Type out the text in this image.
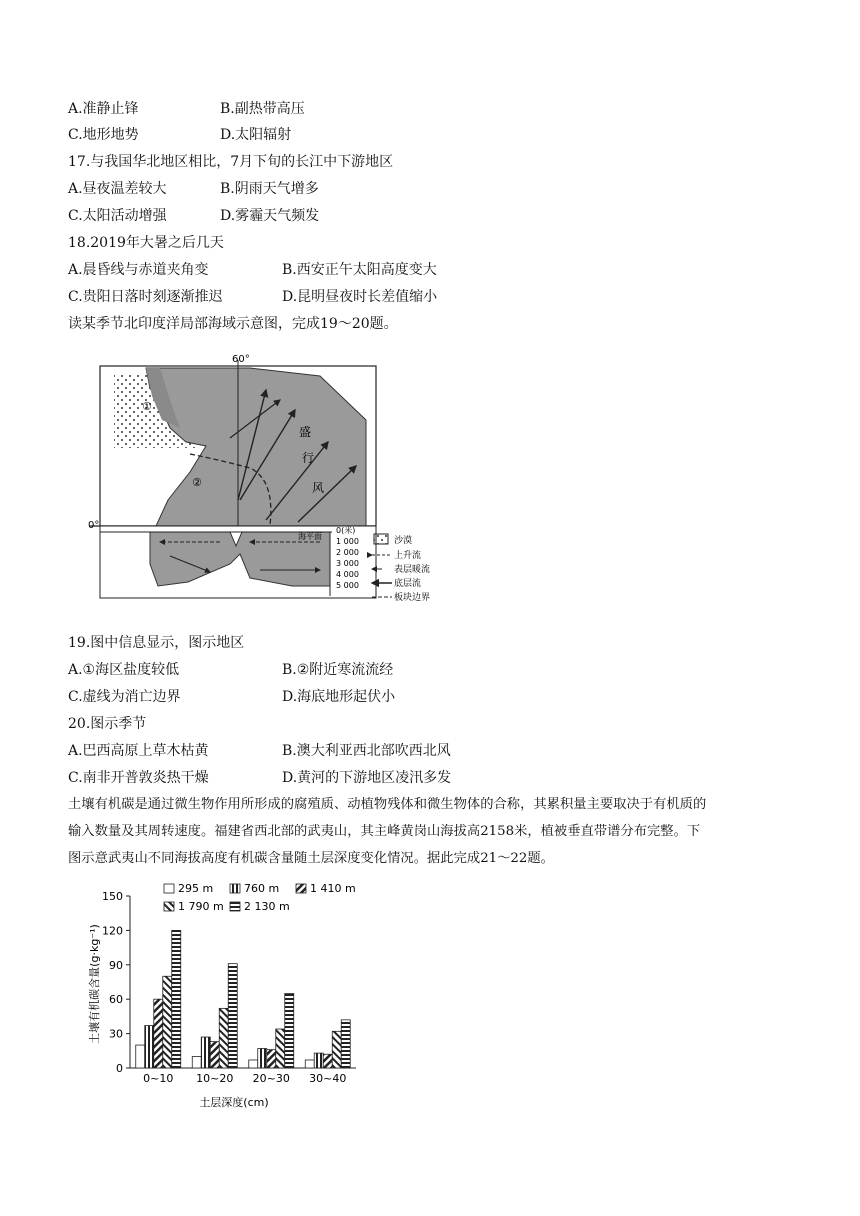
A.准静止锋	B.副热带高压
C.地形地势	D.太阳辐射
17.与我国华北地区相比，7月下旬的长江中下游地区
A.昼夜温差较大	B.阴雨天气增多
C.太阳活动增强	D.雾霾天气频发
18.2019年大暑之后几天
A.晨昏线与赤道夹角变	B.西安正午太阳高度变大
C.贵阳日落时刻逐渐推迟	D.昆明昼夜时长差值缩小
读某季节北印度洋局部海域示意图，完成19～20题。
60°
0°
①
②
盛
行
风
海平面
0(米)
1 000
2 000
3 000
4 000
5 000
沙漠
上升流
表层暖流
底层流
板块边界
19.图中信息显示，图示地区
A.①海区盐度较低	B.②附近寒流流经
C.虚线为消亡边界	D.海底地形起伏小
20.图示季节
A.巴西高原上草木枯黄	B.澳大利亚西北部吹西北风
C.南非开普敦炎热干燥	D.黄河的下游地区凌汛多发
土壤有机碳是通过微生物作用所形成的腐殖质、动植物残体和微生物体的合称，其累积量主要取决于有机质的
输入数量及其周转速度。福建省西北部的武夷山，其主峰黄岗山海拔高2158米，植被垂直带谱分布完整。下
图示意武夷山不同海拔高度有机碳含量随土层深度变化情况。据此完成21～22题。
0
30
60
90
120
150
0~10 10~20 20~30 30~40
295 m	760 m	1 410 m
1 790 m 2 130 m
土壤有机碳含量(g·kg⁻¹)
土层深度(cm)
